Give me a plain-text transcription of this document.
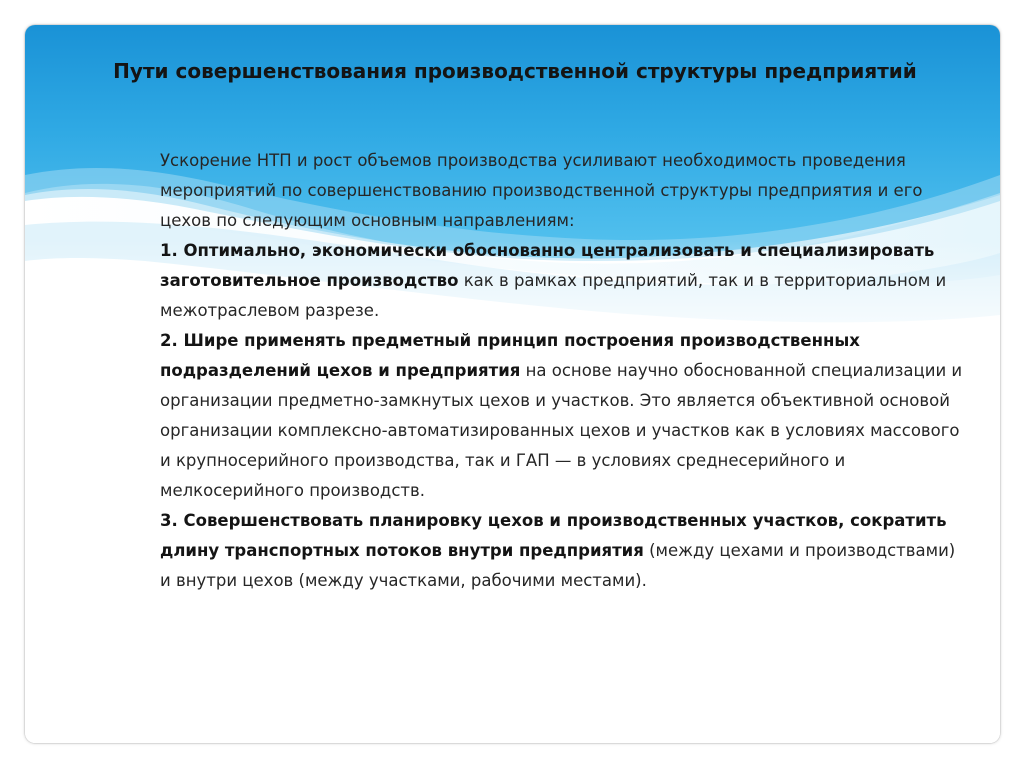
Пути совершенствования производственной структуры предприятий

Ускорение НТП и рост объемов производства усиливают необходимость проведения мероприятий по совершенствованию производственной структуры предприятия и его цехов по следующим основным направлениям:

1. Оптимально, экономически обоснованно централизовать и специализировать заготовительное производство как в рамках предприятий, так и в территориальном и межотраслевом разрезе.

2. Шире применять предметный принцип построения производственных подразделений цехов и предприятия на основе научно обоснованной специализации и организации предметно-замкнутых цехов и участков. Это является объективной основой организации комплексно-автоматизированных цехов и участков как в условиях массового и крупносерийного производства, так и ГАП — в условиях среднесерийного и мелкосерийного производств.

3. Совершенствовать планировку цехов и производственных участков, сократить длину транспортных потоков внутри предприятия (между цехами и производствами) и внутри цехов (между участками, рабочими местами).
